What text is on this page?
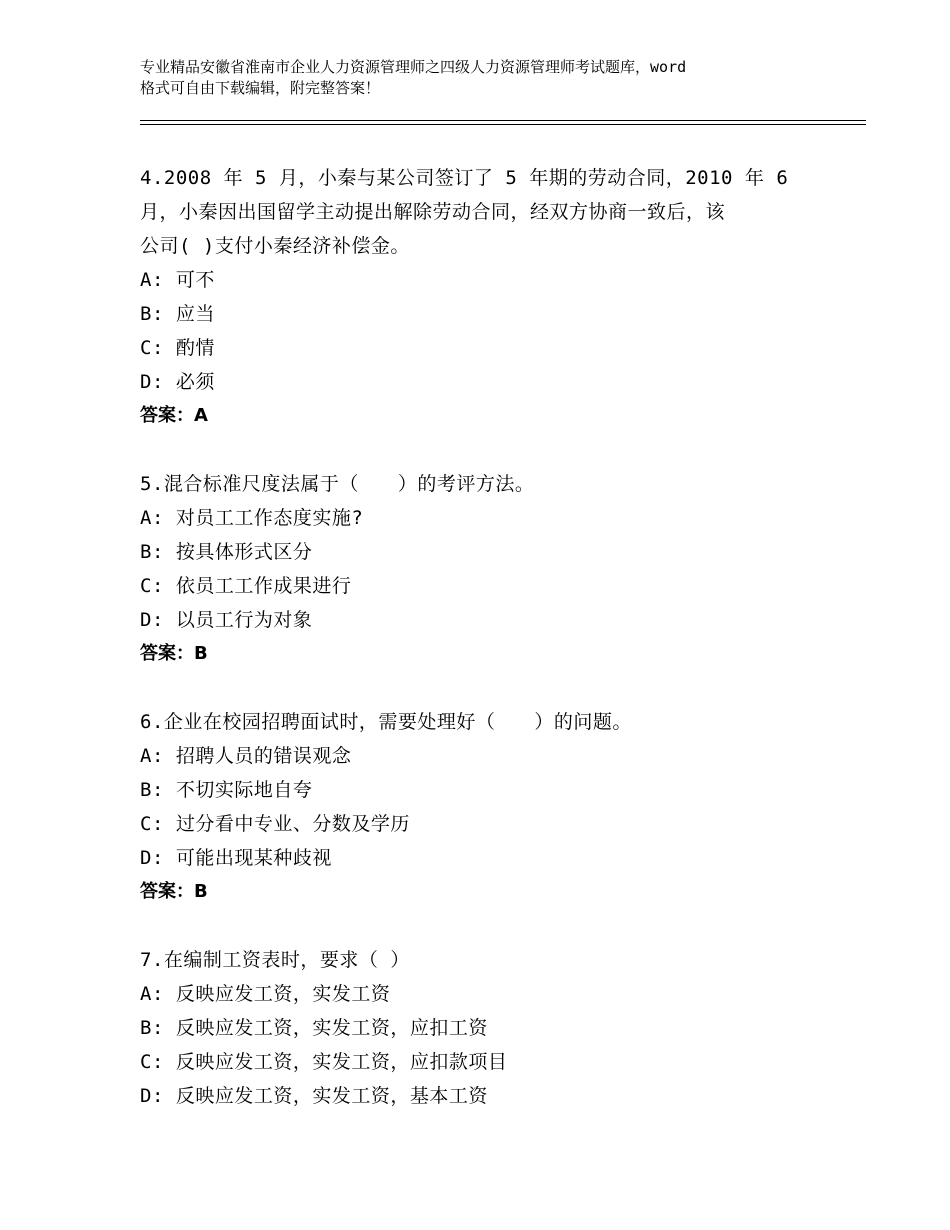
专业精品安徽省淮南市企业人力资源管理师之四级人力资源管理师考试题库，word
格式可自由下载编辑，附完整答案！

4.2008 年 5 月，小秦与某公司签订了 5 年期的劳动合同，2010 年 6

月，小秦因出国留学主动提出解除劳动合同，经双方协商一致后，该

公司( )支付小秦经济补偿金。

A: 可不

B: 应当

C: 酌情

D: 必须

答案：A

5.混合标准尺度法属于（　　）的考评方法。

A: 对员工工作态度实施?

B: 按具体形式区分

C: 依员工工作成果进行

D: 以员工行为对象

答案：B

6.企业在校园招聘面试时，需要处理好（　　）的问题。

A: 招聘人员的错误观念

B: 不切实际地自夸

C: 过分看中专业、分数及学历

D: 可能出现某种歧视

答案：B

7.在编制工资表时，要求（ ）

A: 反映应发工资，实发工资

B: 反映应发工资，实发工资，应扣工资

C: 反映应发工资，实发工资，应扣款项目

D: 反映应发工资，实发工资，基本工资
